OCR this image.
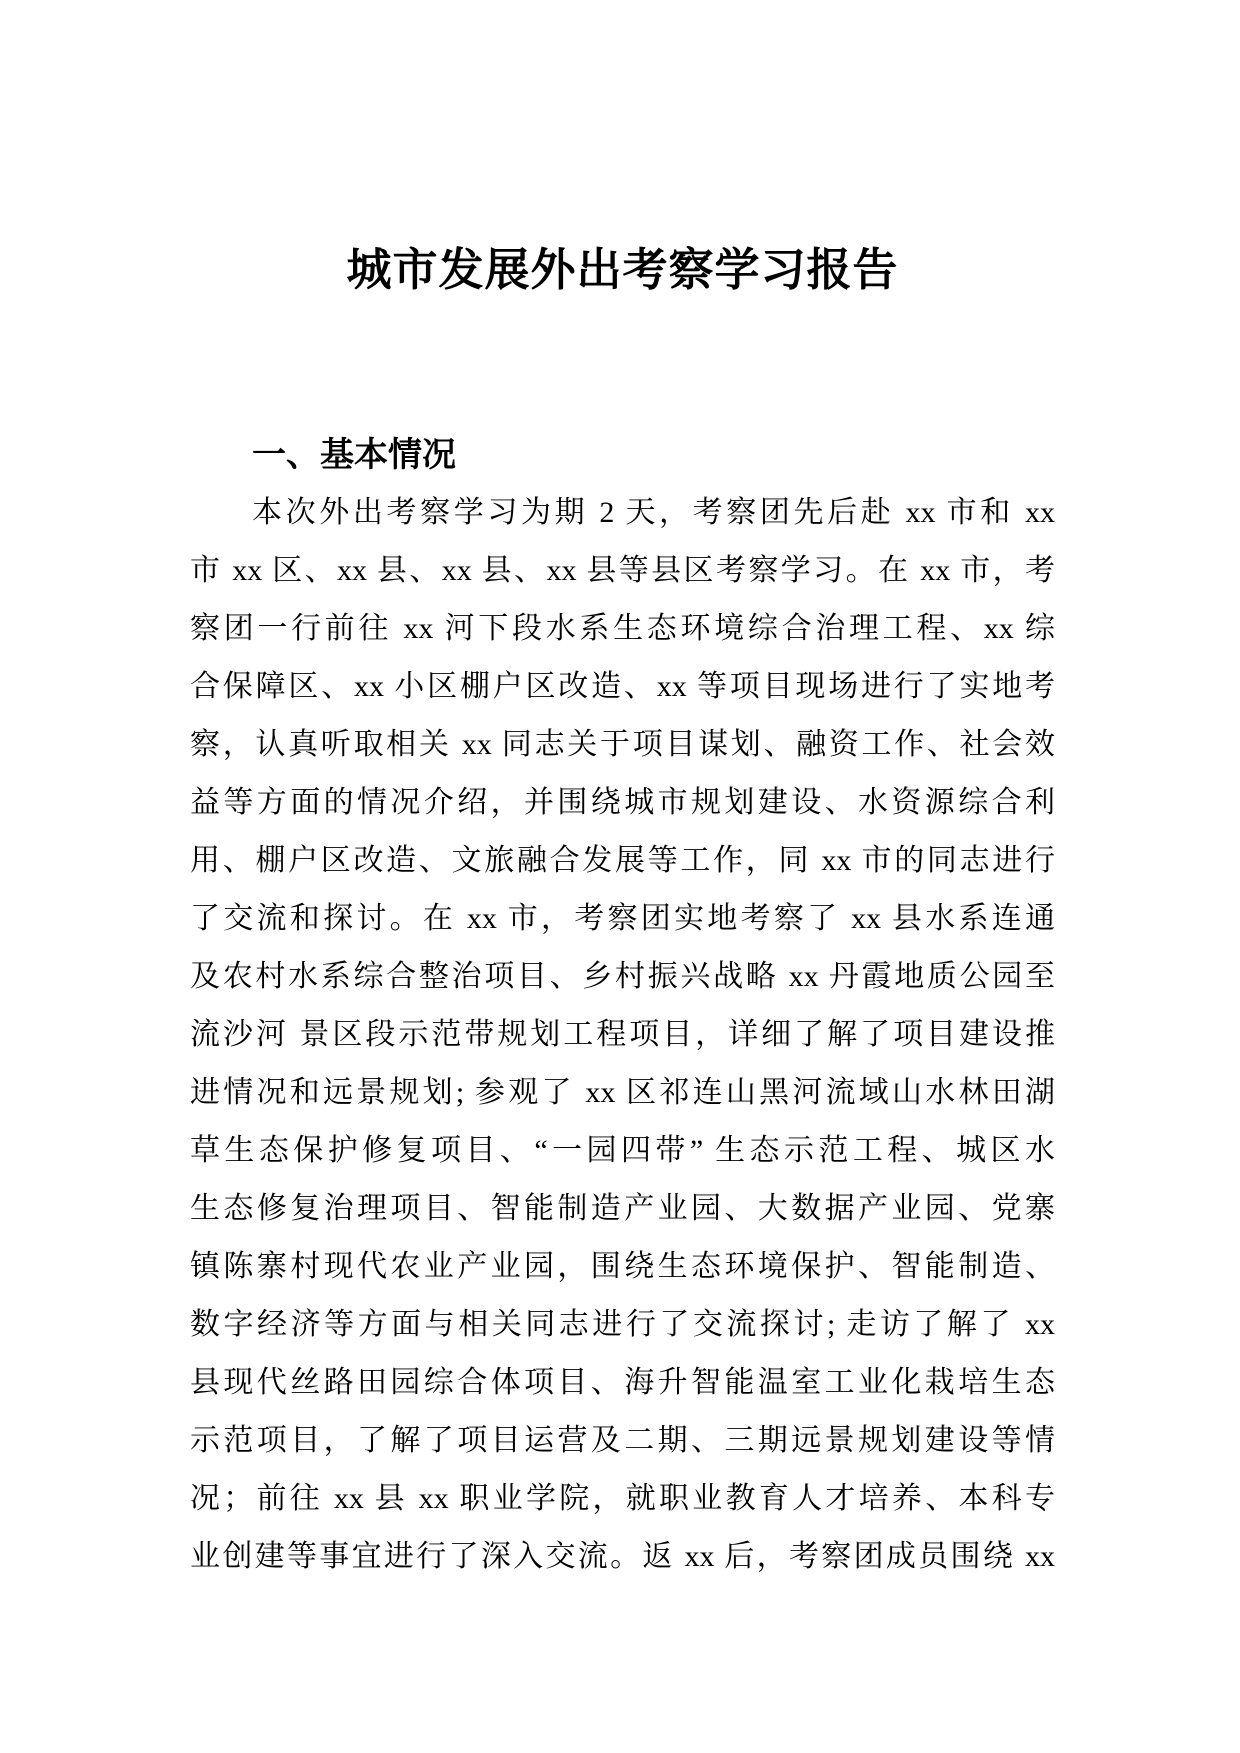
城市发展外出考察学习报告
一、基本情况
本次外出考察学习为期 2 天，考察团先后赴 xx 市和 xx
市 xx 区、xx 县、xx 县、xx 县等县区考察学习。在 xx 市，考
察团一行前往 xx 河下段水系生态环境综合治理工程、xx 综
合保障区、xx 小区棚户区改造、xx 等项目现场进行了实地考
察，认真听取相关 xx 同志关于项目谋划、融资工作、社会效
益等方面的情况介绍，并围绕城市规划建设、水资源综合利
用、棚户区改造、文旅融合发展等工作，同 xx 市的同志进行
了交流和探讨。在 xx 市，考察团实地考察了 xx 县水系连通
及农村水系综合整治项目、乡村振兴战略 xx 丹霞地质公园至
流沙河 景区段示范带规划工程项目，详细了解了项目建设推
进情况和远景规划; 参观了 xx 区祁连山黑河流域山水林田湖
草生态保护修复项目、“一园四带” 生态示范工程、城区水
生态修复治理项目、智能制造产业园、大数据产业园、党寨
镇陈寨村现代农业产业园，围绕生态环境保护、智能制造、
数字经济等方面与相关同志进行了交流探讨; 走访了解了 xx
县现代丝路田园综合体项目、海升智能温室工业化栽培生态
示范项目，了解了项目运营及二期、三期远景规划建设等情
况；前往 xx 县 xx 职业学院，就职业教育人才培养、本科专
业创建等事宜进行了深入交流。返 xx 后，考察团成员围绕 xx
